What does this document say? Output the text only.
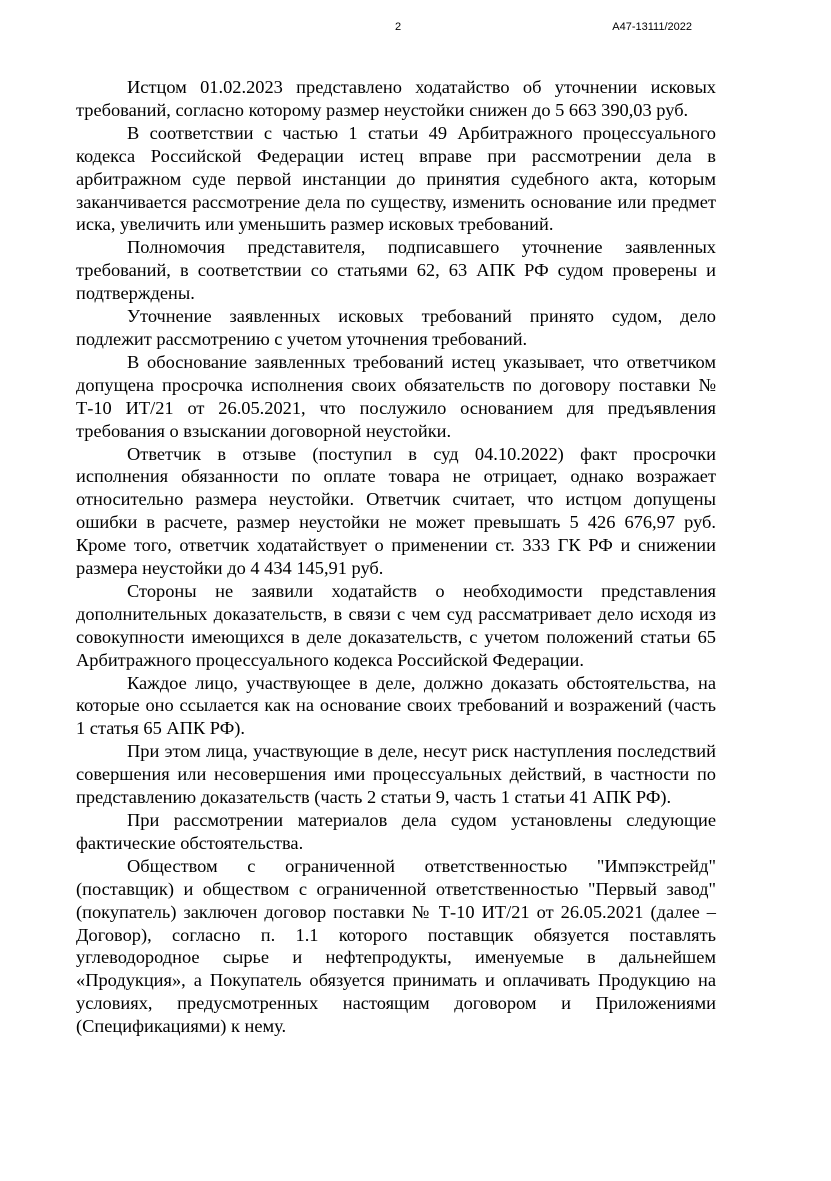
2	А47-13111/2022

Истцом 01.02.2023 представлено ходатайство об уточнении исковых требований, согласно которому размер неустойки снижен до 5 663 390,03 руб.

В соответствии с частью 1 статьи 49 Арбитражного процессуального кодекса Российской Федерации истец вправе при рассмотрении дела в арбитражном суде первой инстанции до принятия судебного акта, которым заканчивается рассмотрение дела по существу, изменить основание или предмет иска, увеличить или уменьшить размер исковых требований.

Полномочия представителя, подписавшего уточнение заявленных требований, в соответствии со статьями 62, 63 АПК РФ судом проверены и подтверждены.

Уточнение заявленных исковых требований принято судом, дело подлежит рассмотрению с учетом уточнения требований.

В обоснование заявленных требований истец указывает, что ответчиком допущена просрочка исполнения своих обязательств по договору поставки № Т-10 ИТ/21 от 26.05.2021, что послужило основанием для предъявления требования о взыскании договорной неустойки.

Ответчик в отзыве (поступил в суд 04.10.2022) факт просрочки исполнения обязанности по оплате товара не отрицает, однако возражает относительно размера неустойки. Ответчик считает, что истцом допущены ошибки в расчете, размер неустойки не может превышать 5 426 676,97 руб. Кроме того, ответчик ходатайствует о применении ст. 333 ГК РФ и снижении размера неустойки до 4 434 145,91 руб.

Стороны не заявили ходатайств о необходимости представления дополнительных доказательств, в связи с чем суд рассматривает дело исходя из совокупности имеющихся в деле доказательств, с учетом положений статьи 65 Арбитражного процессуального кодекса Российской Федерации.

Каждое лицо, участвующее в деле, должно доказать обстоятельства, на которые оно ссылается как на основание своих требований и возражений (часть 1 статья 65 АПК РФ).

При этом лица, участвующие в деле, несут риск наступления последствий совершения или несовершения ими процессуальных действий, в частности по представлению доказательств (часть 2 статьи 9, часть 1 статьи 41 АПК РФ).

При рассмотрении материалов дела судом установлены следующие фактические обстоятельства.

Обществом с ограниченной ответственностью "Импэкстрейд" (поставщик) и обществом с ограниченной ответственностью "Первый завод" (покупатель) заключен договор поставки № Т-10 ИТ/21 от 26.05.2021 (далее – Договор), согласно п. 1.1 которого поставщик обязуется поставлять углеводородное сырье и нефтепродукты, именуемые в дальнейшем «Продукция», а Покупатель обязуется принимать и оплачивать Продукцию на условиях, предусмотренных настоящим договором и Приложениями (Спецификациями) к нему.
